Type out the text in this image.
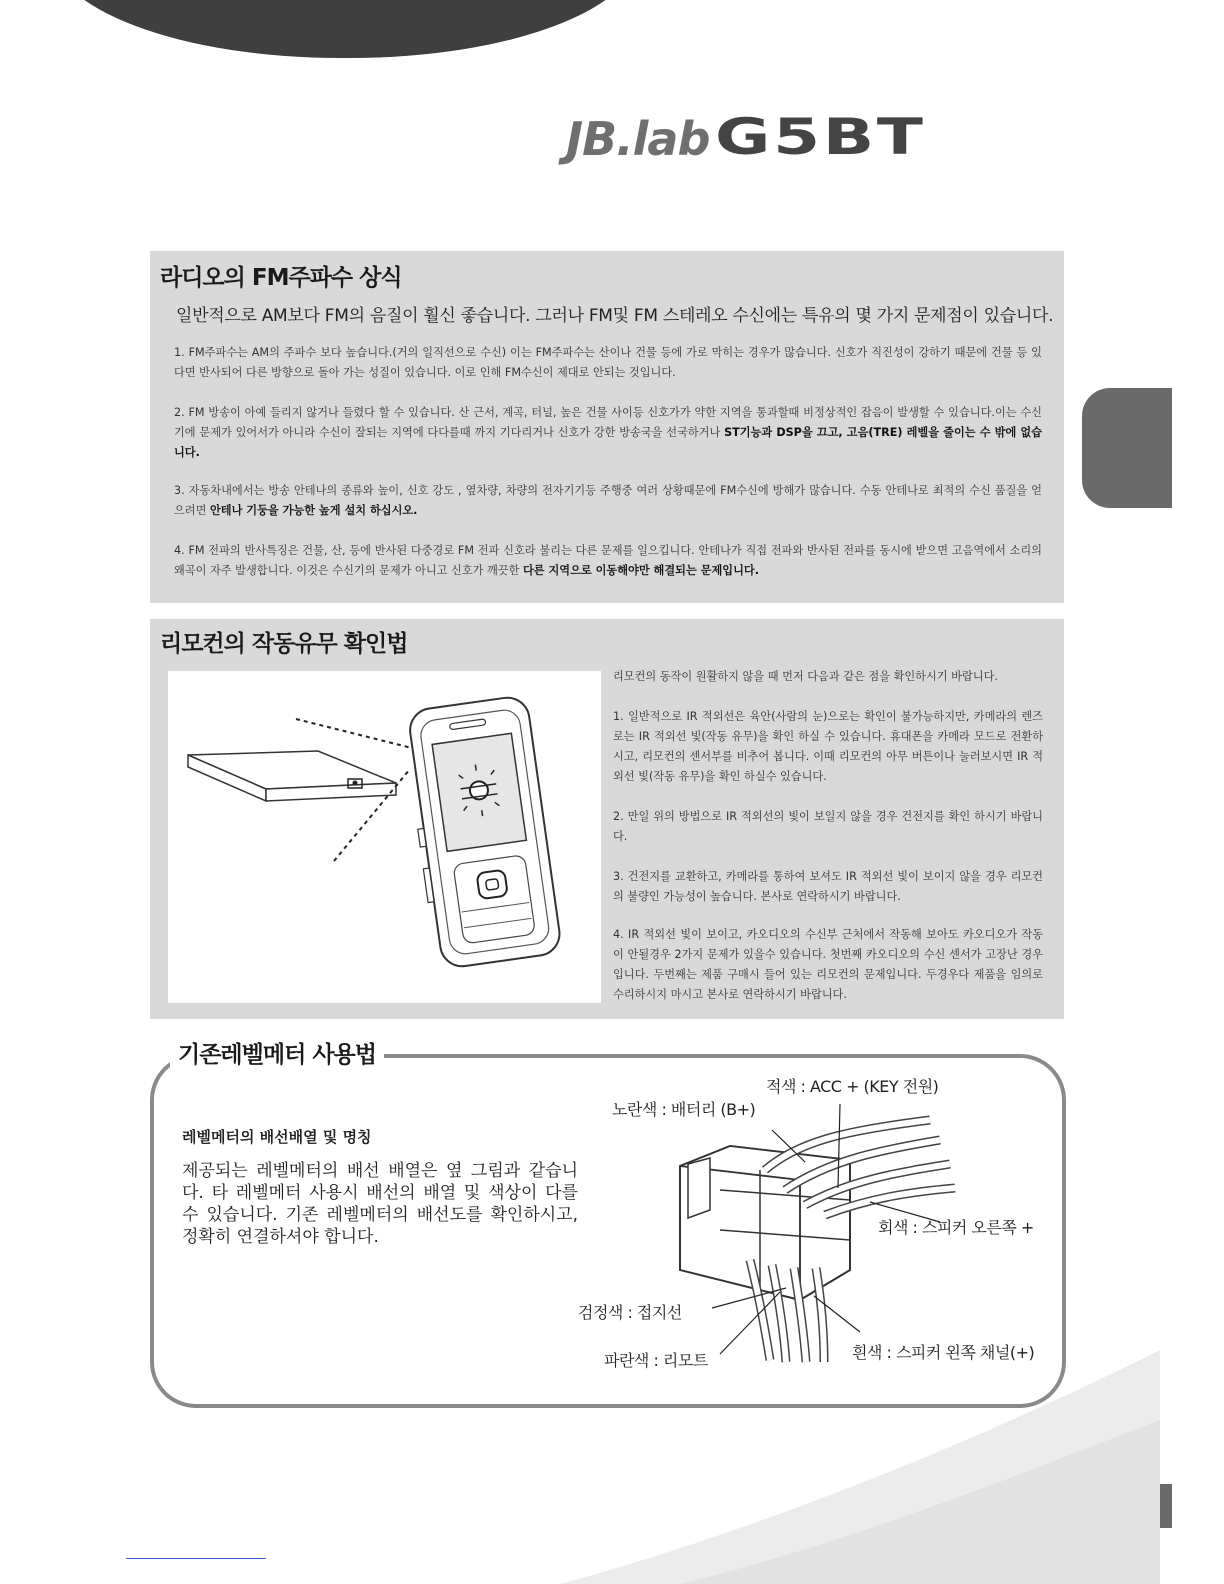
JB.lab G5BT
라디오의 FM주파수 상식
일반적으로 AM보다 FM의 음질이 훨신 좋습니다. 그러나 FM및 FM 스테레오 수신에는 특유의 몇 가지 문제점이 있습니다.
1. FM주파수는 AM의 주파수 보다 높습니다.(거의 일직선으로 수신) 이는 FM주파수는 산이나 건물 등에 가로 막히는 경우가 많습니다. 신호가 직진성이 강하기 때문에 건물 등 있다면 반사되어 다른 방향으로 돌아 가는 성질이 있습니다. 이로 인해 FM수신이 제대로 안되는 것입니다.
2. FM 방송이 아예 들리지 않거나 들렸다 할 수 있습니다. 산 근서, 계곡, 터널, 높은 건물 사이등 신호가가 약한 지역을 통과할때 비정상적인 잡음이 발생할 수 있습니다.이는 수신기에 문제가 있어서가 아니라 수신이 잘되는 지역에 다다를때 까지 기다리거나 신호가 강한 방송국을 선국하거나 ST기능과 DSP을 끄고, 고음(TRE) 레벨을 줄이는 수 밖에 없습니다.
3. 자동차내에서는 방송 안테나의 종류와 높이, 신호 강도 , 옆차량, 차량의 전자기기등 주행중 여러 상황때문에 FM수신에 방해가 많습니다. 수동 안테나로 최적의 수신 품질을 얻으려면 안테나 기둥을 가능한 높게 설치 하십시오.
4. FM 전파의 반사특징은 건물, 산, 등에 반사된 다중경로 FM 전파 신호라 불리는 다른 문제를 일으킵니다. 안테나가 직접 전파와 반사된 전파를 동시에 받으면 고음역에서 소리의 왜곡이 자주 발생합니다. 이것은 수신기의 문제가 아니고 신호가 깨끗한 다른 지역으로 이동해야만 해결되는 문제입니다.
리모컨의 작동유무 확인법
리모컨의 동작이 원활하지 않을 때 먼저 다음과 같은 점을 확인하시기 바랍니다.
1. 일반적으로 IR 적외선은 육안(사람의 눈)으로는 확인이 불가능하지만, 카메라의 렌즈로는 IR 적외선 빛(작동 유무)을 확인 하실 수 있습니다. 휴대폰을 카메라 모드로 전환하시고, 리모컨의 센서부를 비추어 봅니다. 이때 리모컨의 아무 버튼이나 눌러보시면 IR 적외선 빛(작동 유무)을 확인 하실수 있습니다.
2. 만일 위의 방법으로 IR 적외선의 빛이 보일지 않을 경우 건전지를 확인 하시기 바랍니다.
3. 건전지를 교환하고, 카메라를 통하여 보셔도 IR 적외선 빛이 보이지 않을 경우 리모컨의 불량인 가능성이 높습니다. 본사로 연락하시기 바랍니다.
4. IR 적외선 빛이 보이고, 카오디오의 수신부 근처에서 작동해 보아도 카오디오가 작동이 안될경우 2가지 문제가 있을수 있습니다. 첫번째 카오디오의 수신 센서가 고장난 경우입니다. 두번째는 제품 구매시 들어 있는 리모컨의 문제입니다. 두경우다 제품을 임의로 수리하시지 마시고 본사로 연락하시기 바랍니다.
기존레벨메터 사용법
레벨메터의 배선배열 및 명칭
제공되는 레벨메터의 배선 배열은 옆 그림과 같습니다. 타 레벨메터 사용시 배선의 배열 및 색상이 다를 수 있습니다. 기존 레벨메터의 배선도를 확인하시고, 정확히 연결하셔야 합니다.
적색 : ACC + (KEY 전원)
노란색 : 배터리 (B+)
회색 : 스피커 오른쪽 +
검정색 : 접지선
파란색 : 리모트	흰색 : 스피커 왼쪽 채널(+)
